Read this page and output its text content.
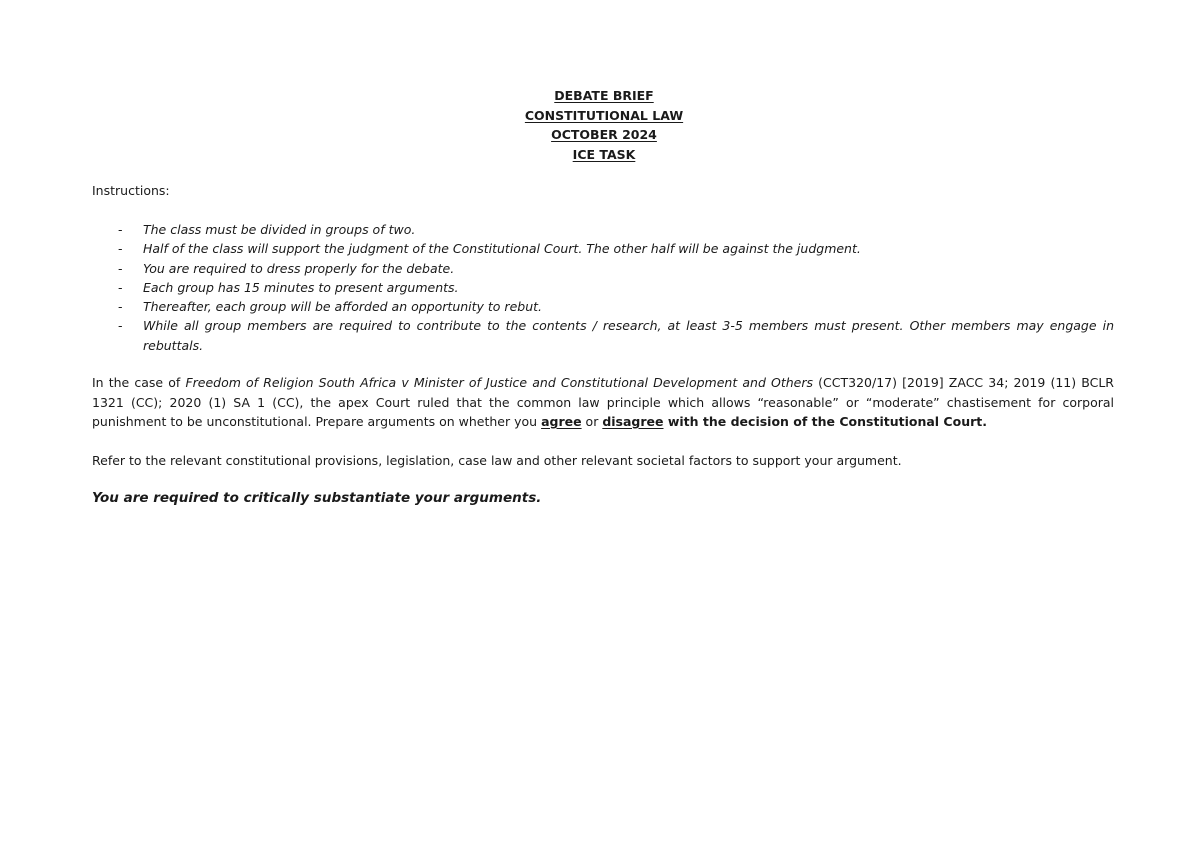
DEBATE BRIEF
CONSTITUTIONAL LAW
OCTOBER 2024
ICE TASK
Instructions:
- The class must be divided in groups of two.
- Half of the class will support the judgment of the Constitutional Court. The other half will be against the judgment.
- You are required to dress properly for the debate.
- Each group has 15 minutes to present arguments.
- Thereafter, each group will be afforded an opportunity to rebut.
- While all group members are required to contribute to the contents / research, at least 3-5 members must present. Other members may engage in rebuttals.

In the case of Freedom of Religion South Africa v Minister of Justice and Constitutional Development and Others (CCT320/17) [2019] ZACC 34; 2019 (11) BCLR 1321 (CC); 2020 (1) SA 1 (CC), the apex Court ruled that the common law principle which allows “reasonable” or “moderate” chastisement for corporal punishment to be unconstitutional. Prepare arguments on whether you agree or disagree with the decision of the Constitutional Court.

Refer to the relevant constitutional provisions, legislation, case law and other relevant societal factors to support your argument.

You are required to critically substantiate your arguments.
